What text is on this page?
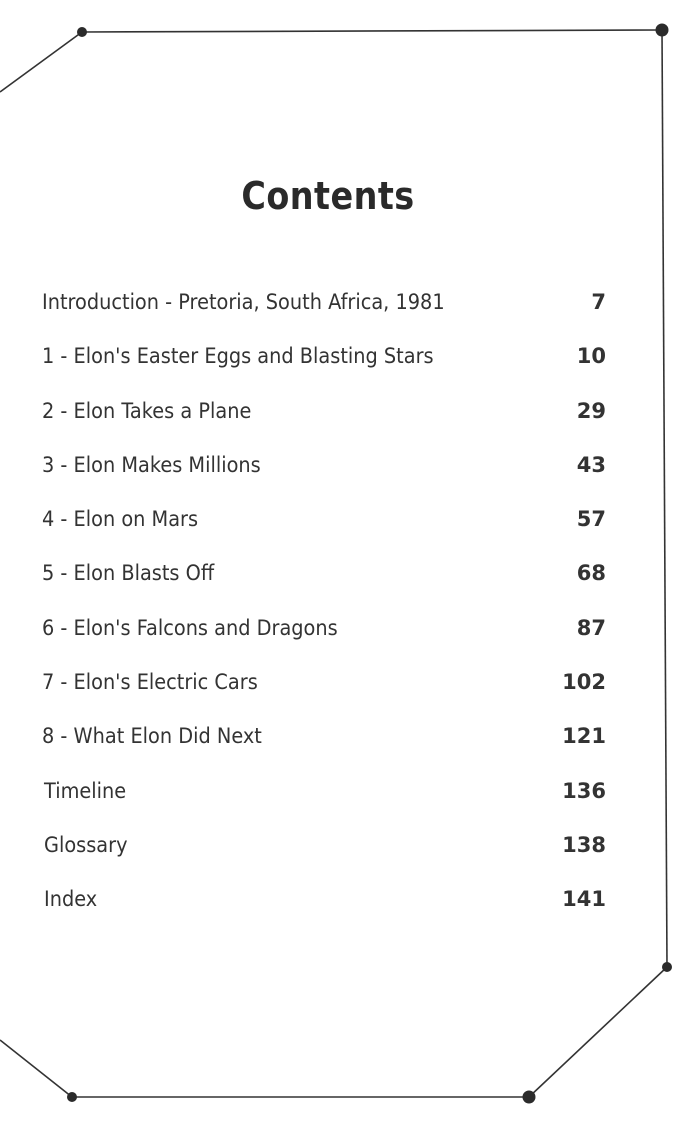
Contents
Introduction - Pretoria, South Africa, 1981	7
1 - Elon's Easter Eggs and Blasting Stars	10
2 - Elon Takes a Plane	29
3 - Elon Makes Millions	43
4 - Elon on Mars	57
5 - Elon Blasts Off	68
6 - Elon's Falcons and Dragons	87
7 - Elon's Electric Cars	102
8 - What Elon Did Next	121
Timeline	136
Glossary	138
Index	141
